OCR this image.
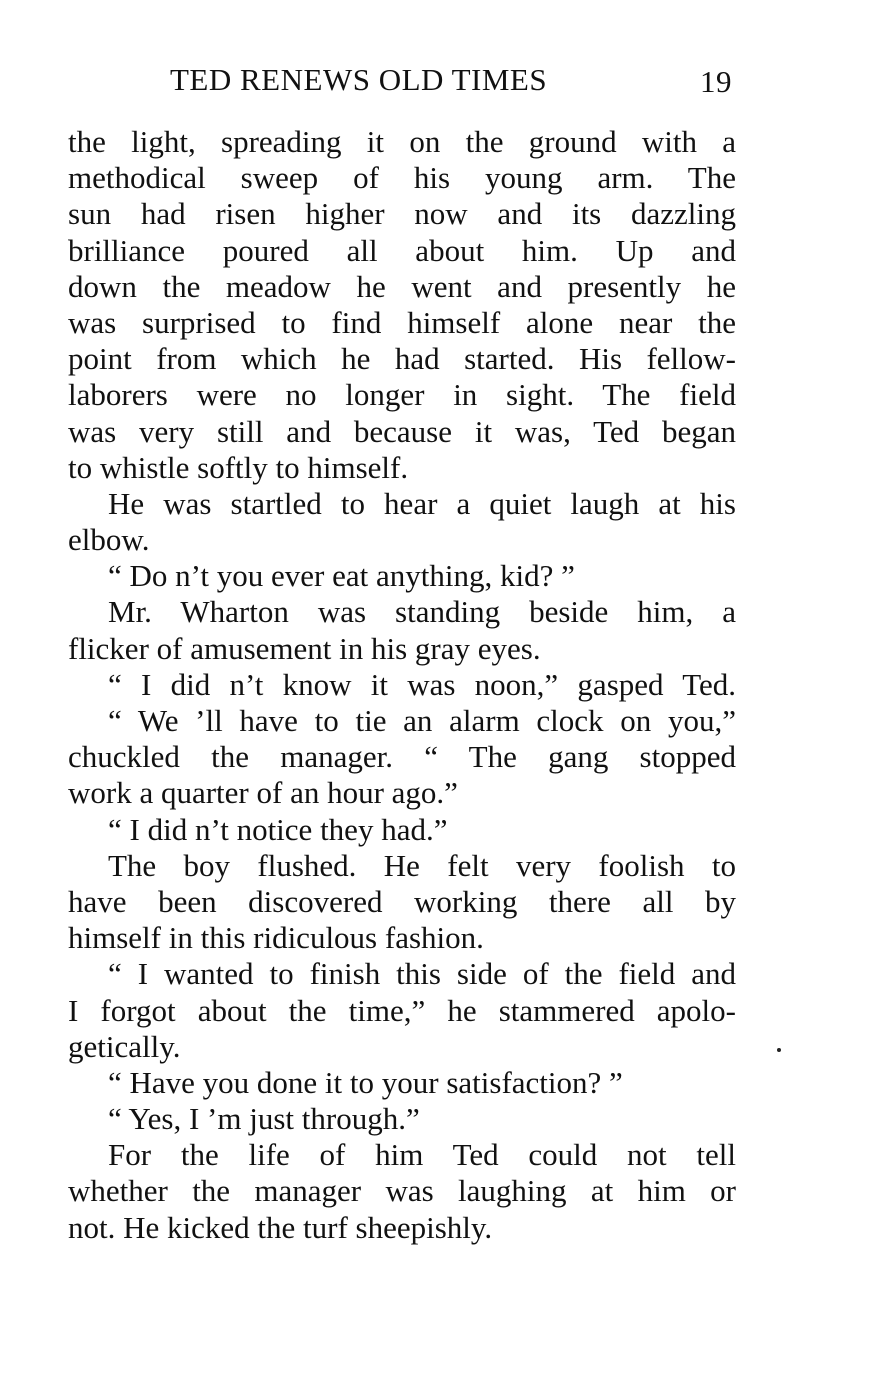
TED RENEWS OLD TIMES	19
the light, spreading it on the ground with a
methodical sweep of his young arm. The
sun had risen higher now and its dazzling
brilliance poured all about him. Up and
down the meadow he went and presently he
was surprised to find himself alone near the
point from which he had started. His fellow-
laborers were no longer in sight. The field
was very still and because it was, Ted began
to whistle softly to himself.
He was startled to hear a quiet laugh at his
elbow.
“ Do n’t you ever eat anything, kid? ”
Mr. Wharton was standing beside him, a
flicker of amusement in his gray eyes.
“ I did n’t know it was noon,” gasped Ted.
“ We ’ll have to tie an alarm clock on you,”
chuckled the manager. “ The gang stopped
work a quarter of an hour ago.”
“ I did n’t notice they had.”
The boy flushed. He felt very foolish to
have been discovered working there all by
himself in this ridiculous fashion.
“ I wanted to finish this side of the field and
I forgot about the time,” he stammered apolo-
getically.
“ Have you done it to your satisfaction? ”
“ Yes, I ’m just through.”
For the life of him Ted could not tell
whether the manager was laughing at him or
not. He kicked the turf sheepishly.
